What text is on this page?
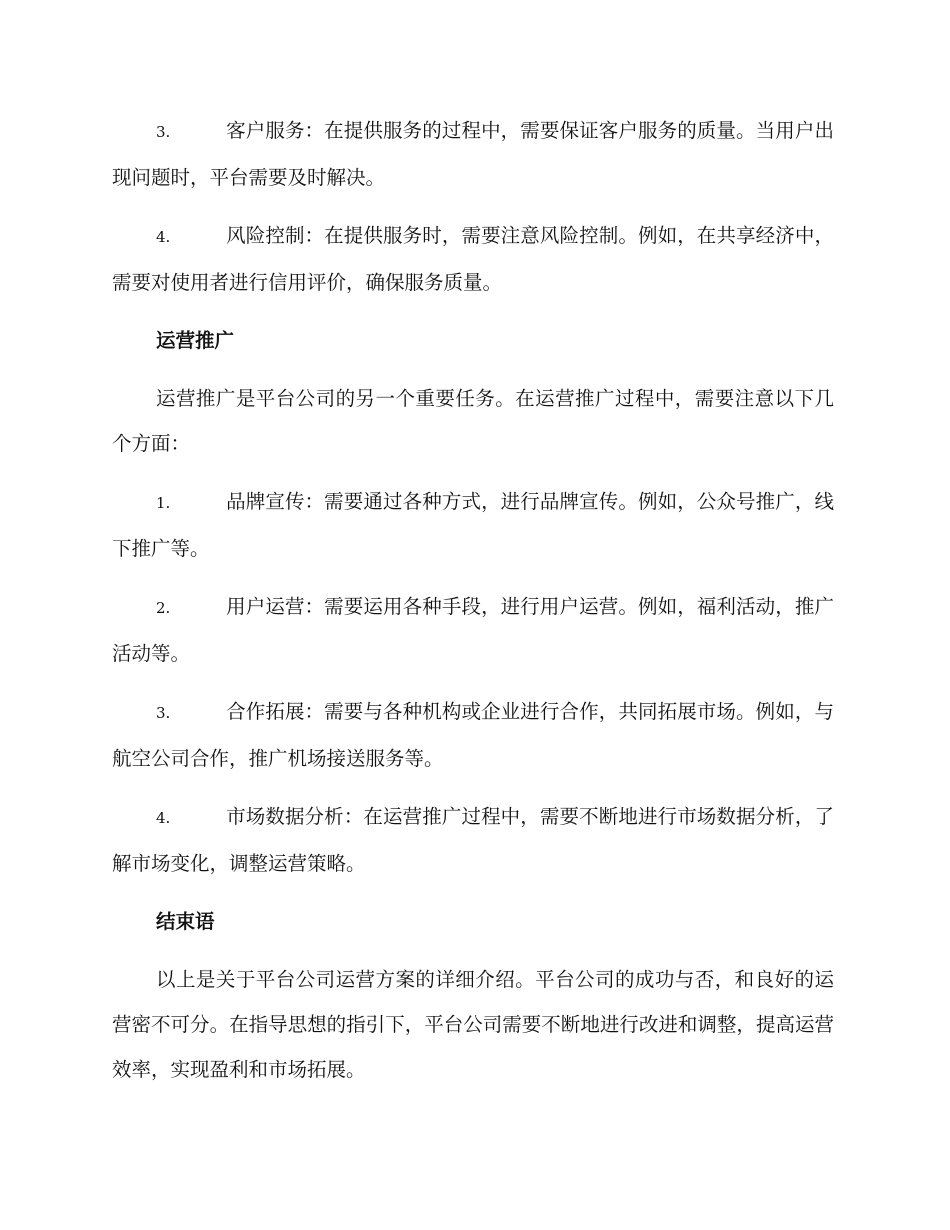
3.	客户服务：在提供服务的过程中，需要保证客户服务的质量。当用户出现问题时，平台需要及时解决。

4.	风险控制：在提供服务时，需要注意风险控制。例如，在共享经济中，需要对使用者进行信用评价，确保服务质量。

运营推广

运营推广是平台公司的另一个重要任务。在运营推广过程中，需要注意以下几个方面：

1.	品牌宣传：需要通过各种方式，进行品牌宣传。例如，公众号推广，线下推广等。

2.	用户运营：需要运用各种手段，进行用户运营。例如，福利活动，推广活动等。

3.	合作拓展：需要与各种机构或企业进行合作，共同拓展市场。例如，与航空公司合作，推广机场接送服务等。

4.	市场数据分析：在运营推广过程中，需要不断地进行市场数据分析，了解市场变化，调整运营策略。

结束语

以上是关于平台公司运营方案的详细介绍。平台公司的成功与否，和良好的运营密不可分。在指导思想的指引下，平台公司需要不断地进行改进和调整，提高运营效率，实现盈利和市场拓展。
